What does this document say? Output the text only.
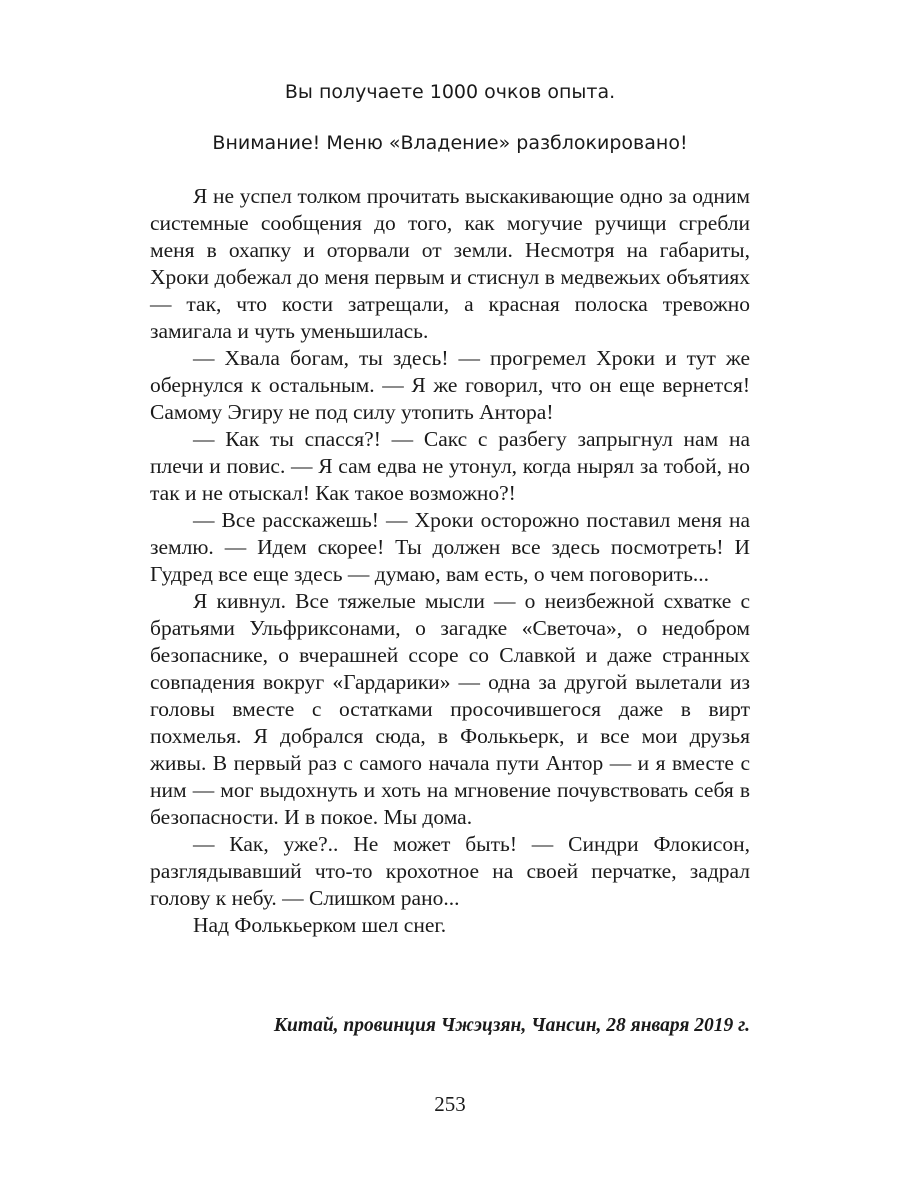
Вы получаете 1000 очков опыта.
Внимание! Меню «Владение» разблокировано!

Я не успел толком прочитать выскакивающие одно за одним системные сообщения до того, как могучие ручищи сгребли меня в охапку и оторвали от земли. Несмотря на габариты, Хроки добежал до меня первым и стиснул в медвежьих объятиях — так, что кости затрещали, а красная полоска тревожно замигала и чуть уменьшилась.

— Хвала богам, ты здесь! — прогремел Хроки и тут же обернулся к остальным. — Я же говорил, что он еще вернется! Самому Эгиру не под силу утопить Антора!

— Как ты спасся?! — Сакс с разбегу запрыгнул нам на плечи и повис. — Я сам едва не утонул, когда нырял за тобой, но так и не отыскал! Как такое возможно?!

— Все расскажешь! — Хроки осторожно поставил меня на землю. — Идем скорее! Ты должен все здесь посмотреть! И Гудред все еще здесь — думаю, вам есть, о чем поговорить...

Я кивнул. Все тяжелые мысли — о неизбежной схватке с братьями Ульфриксонами, о загадке «Светоча», о недобром безопаснике, о вчерашней ссоре со Славкой и даже странных совпадения вокруг «Гардарики» — одна за другой вылетали из головы вместе с остатками просочившегося даже в вирт похмелья. Я добрался сюда, в Фолькьерк, и все мои друзья живы. В первый раз с самого начала пути Антор — и я вместе с ним — мог выдохнуть и хоть на мгновение почувствовать себя в безопасности. И в покое. Мы дома.

— Как, уже?.. Не может быть! — Синдри Флокисон, разглядывавший что-то крохотное на своей перчатке, задрал голову к небу. — Слишком рано...

Над Фолькьерком шел снег.

Китай, провинция Чжэцзян, Чансин, 28 января 2019 г.
253
